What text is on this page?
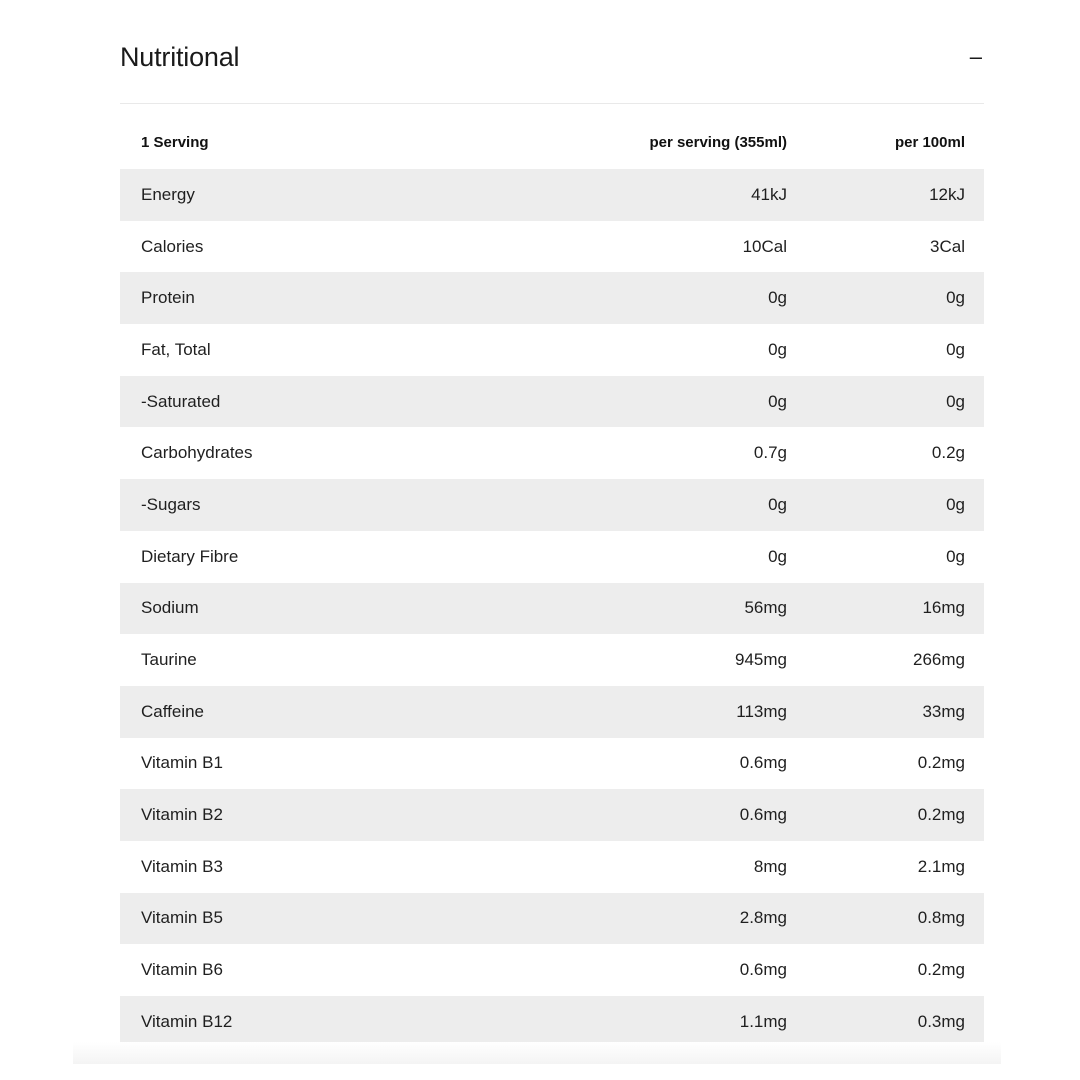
Nutritional	–
1 Serving	per serving (355ml)	per 100ml
Energy	41kJ	12kJ
Calories	10Cal	3Cal
Protein	0g	0g
Fat, Total	0g	0g
-Saturated	0g	0g
Carbohydrates	0.7g	0.2g
-Sugars	0g	0g
Dietary Fibre	0g	0g
Sodium	56mg	16mg
Taurine	945mg	266mg
Caffeine	113mg	33mg
Vitamin B1	0.6mg	0.2mg
Vitamin B2	0.6mg	0.2mg
Vitamin B3	8mg	2.1mg
Vitamin B5	2.8mg	0.8mg
Vitamin B6	0.6mg	0.2mg
Vitamin B12	1.1mg	0.3mg
